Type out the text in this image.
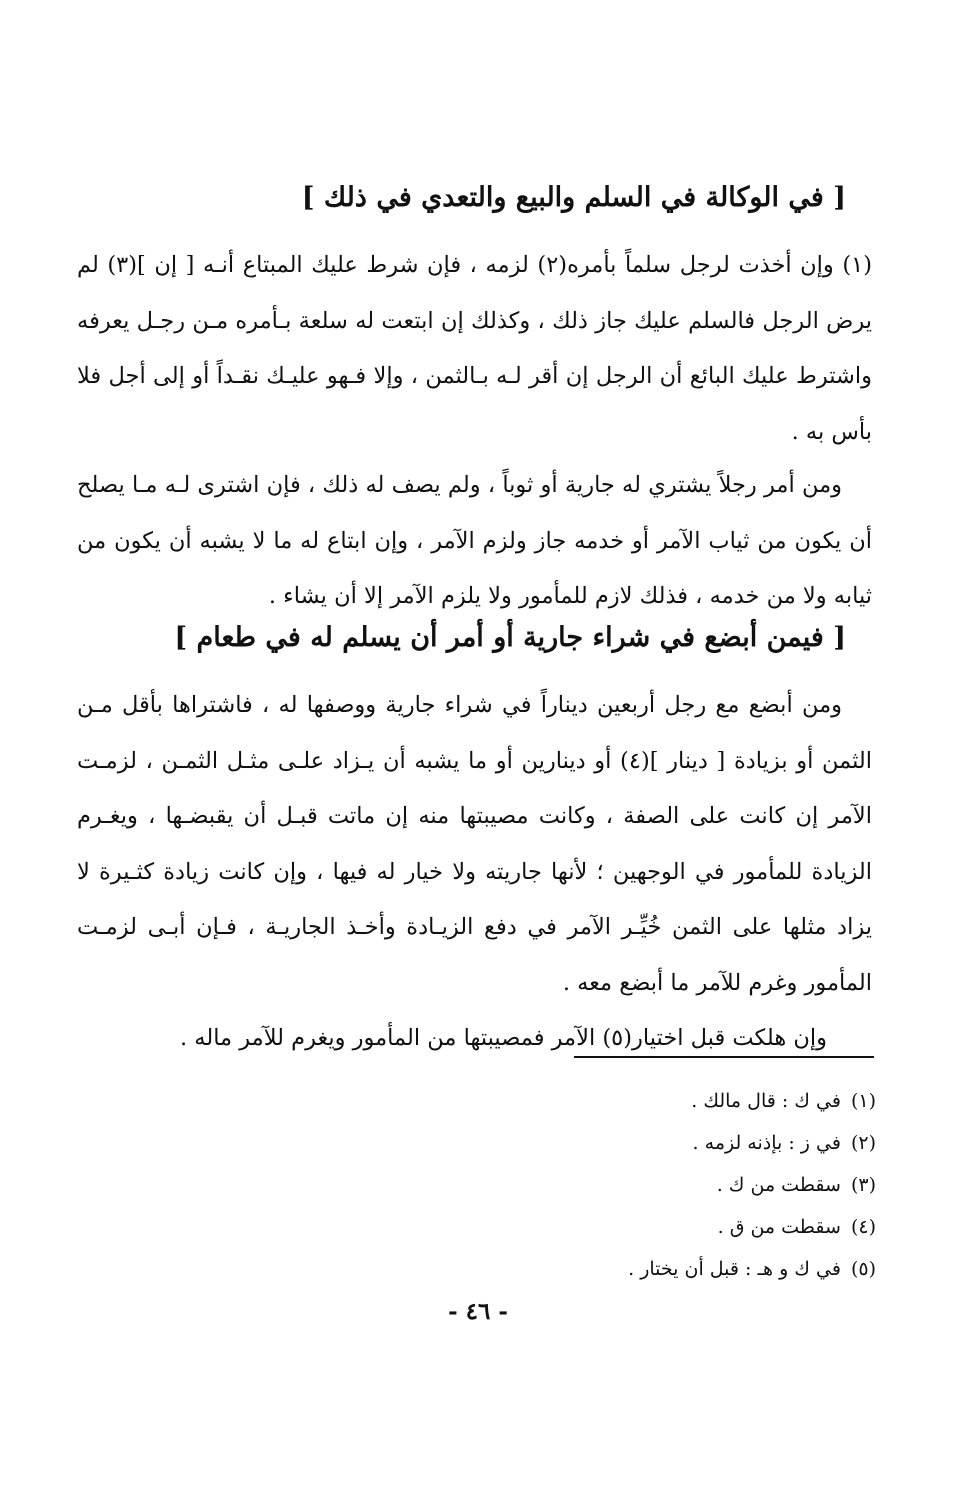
[ في الوكالة في السلم والبيع والتعدي في ذلك ]

(١) وإن أخذت لرجل سلماً بأمره(٢) لزمه ، فإن شرط عليك المبتاع أنـه [ إن ](٣) لم يرض الرجل فالسلم عليك جاز ذلك ، وكذلك إن ابتعت له سلعة بـأمره مـن رجـل يعرفه واشترط عليك البائع أن الرجل إن أقر لـه بـالثمن ، وإلا فـهو عليـك نقـداً أو إلى أجل فلا بأس به .

ومن أمر رجلاً يشتري له جارية أو ثوباً ، ولم يصف له ذلك ، فإن اشترى لـه مـا يصلح أن يكون من ثياب الآمر أو خدمه جاز ولزم الآمر ، وإن ابتاع له ما لا يشبه أن يكون من ثيابه ولا من خدمه ، فذلك لازم للمأمور ولا يلزم الآمر إلا أن يشاء .

[ فيمن أبضع في شراء جارية أو أمر أن يسلم له في طعام ]

ومن أبضع مع رجل أربعين ديناراً في شراء جارية ووصفها له ، فاشتراها بأقل مـن الثمن أو بزيادة [ دينار ](٤) أو دينارين أو ما يشبه أن يـزاد علـى مثـل الثمـن ، لزمـت الآمر إن كانت على الصفة ، وكانت مصيبتها منه إن ماتت قبـل أن يقبضـها ، ويغـرم الزيادة للمأمور في الوجهين ؛ لأنها جاريته ولا خيار له فيها ، وإن كانت زيادة كثـيرة لا يزاد مثلها على الثمن خُيِّـر الآمر في دفع الزيـادة وأخـذ الجاريـة ، فـإن أبـى لزمـت المأمور وغرم للآمر ما أبضع معه .

وإن هلكت قبل اختيار(٥) الآمر فمصيبتها من المأمور ويغرم للآمر ماله .

(١)في ك : قال مالك .
(٢)في ز : بإذنه لزمه .
(٣)سقطت من ك .
(٤)سقطت من ق .
(٥)في ك و هـ : قبل أن يختار .
- ٤٦ -
